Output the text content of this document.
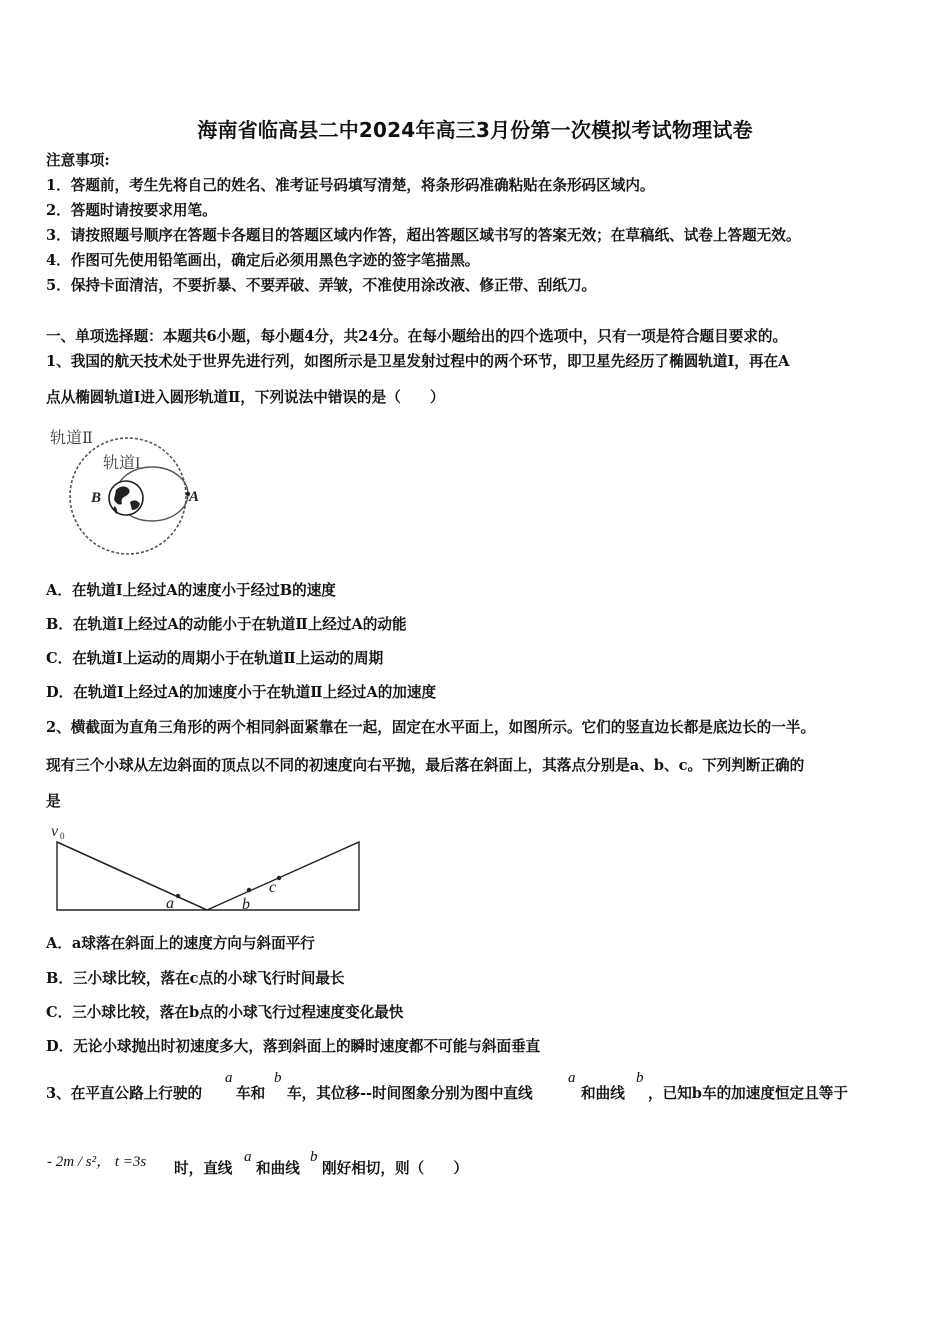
海南省临高县二中2024年高三3月份第一次模拟考试物理试卷
注意事项:
1．答题前，考生先将自己的姓名、准考证号码填写清楚，将条形码准确粘贴在条形码区域内。
2．答题时请按要求用笔。
3．请按照题号顺序在答题卡各题目的答题区域内作答，超出答题区域书写的答案无效；在草稿纸、试卷上答题无效。
4．作图可先使用铅笔画出，确定后必须用黑色字迹的签字笔描黑。
5．保持卡面清洁，不要折暴、不要弄破、弄皱，不准使用涂改液、修正带、刮纸刀。
一、单项选择题：本题共6小题，每小题4分，共24分。在每小题给出的四个选项中，只有一项是符合题目要求的。
1、我国的航天技术处于世界先进行列，如图所示是卫星发射过程中的两个环节，即卫星先经历了椭圆轨道I，再在A
点从椭圆轨道I进入圆形轨道Ⅱ，下列说法中错误的是（　　）
轨道Ⅱ
轨道I
B	A
A．在轨道I上经过A的速度小于经过B的速度
B．在轨道I上经过A的动能小于在轨道Ⅱ上经过A的动能
C．在轨道I上运动的周期小于在轨道Ⅱ上运动的周期
D．在轨道I上经过A的加速度小于在轨道Ⅱ上经过A的加速度
2、横截面为直角三角形的两个相同斜面紧靠在一起，固定在水平面上，如图所示。它们的竖直边长都是底边长的一半。
现有三个小球从左边斜面的顶点以不同的初速度向右平抛，最后落在斜面上，其落点分别是a、b、c。下列判断正确的
是
v 0
a	b
c
A．a球落在斜面上的速度方向与斜面平行
B．三小球比较，落在c点的小球飞行时间最长
C．三小球比较，落在b点的小球飞行过程速度变化最快
D．无论小球抛出时初速度多大，落到斜面上的瞬时速度都不可能与斜面垂直
3、在平直公路上行驶的
a
车和
b
车，其位移--时间图象分别为图中直线
a
和曲线
b
，已知b车的加速度恒定且等于
- 2m / s²， t =3s 时，直线
a
和曲线
b
刚好相切，则（　　）
